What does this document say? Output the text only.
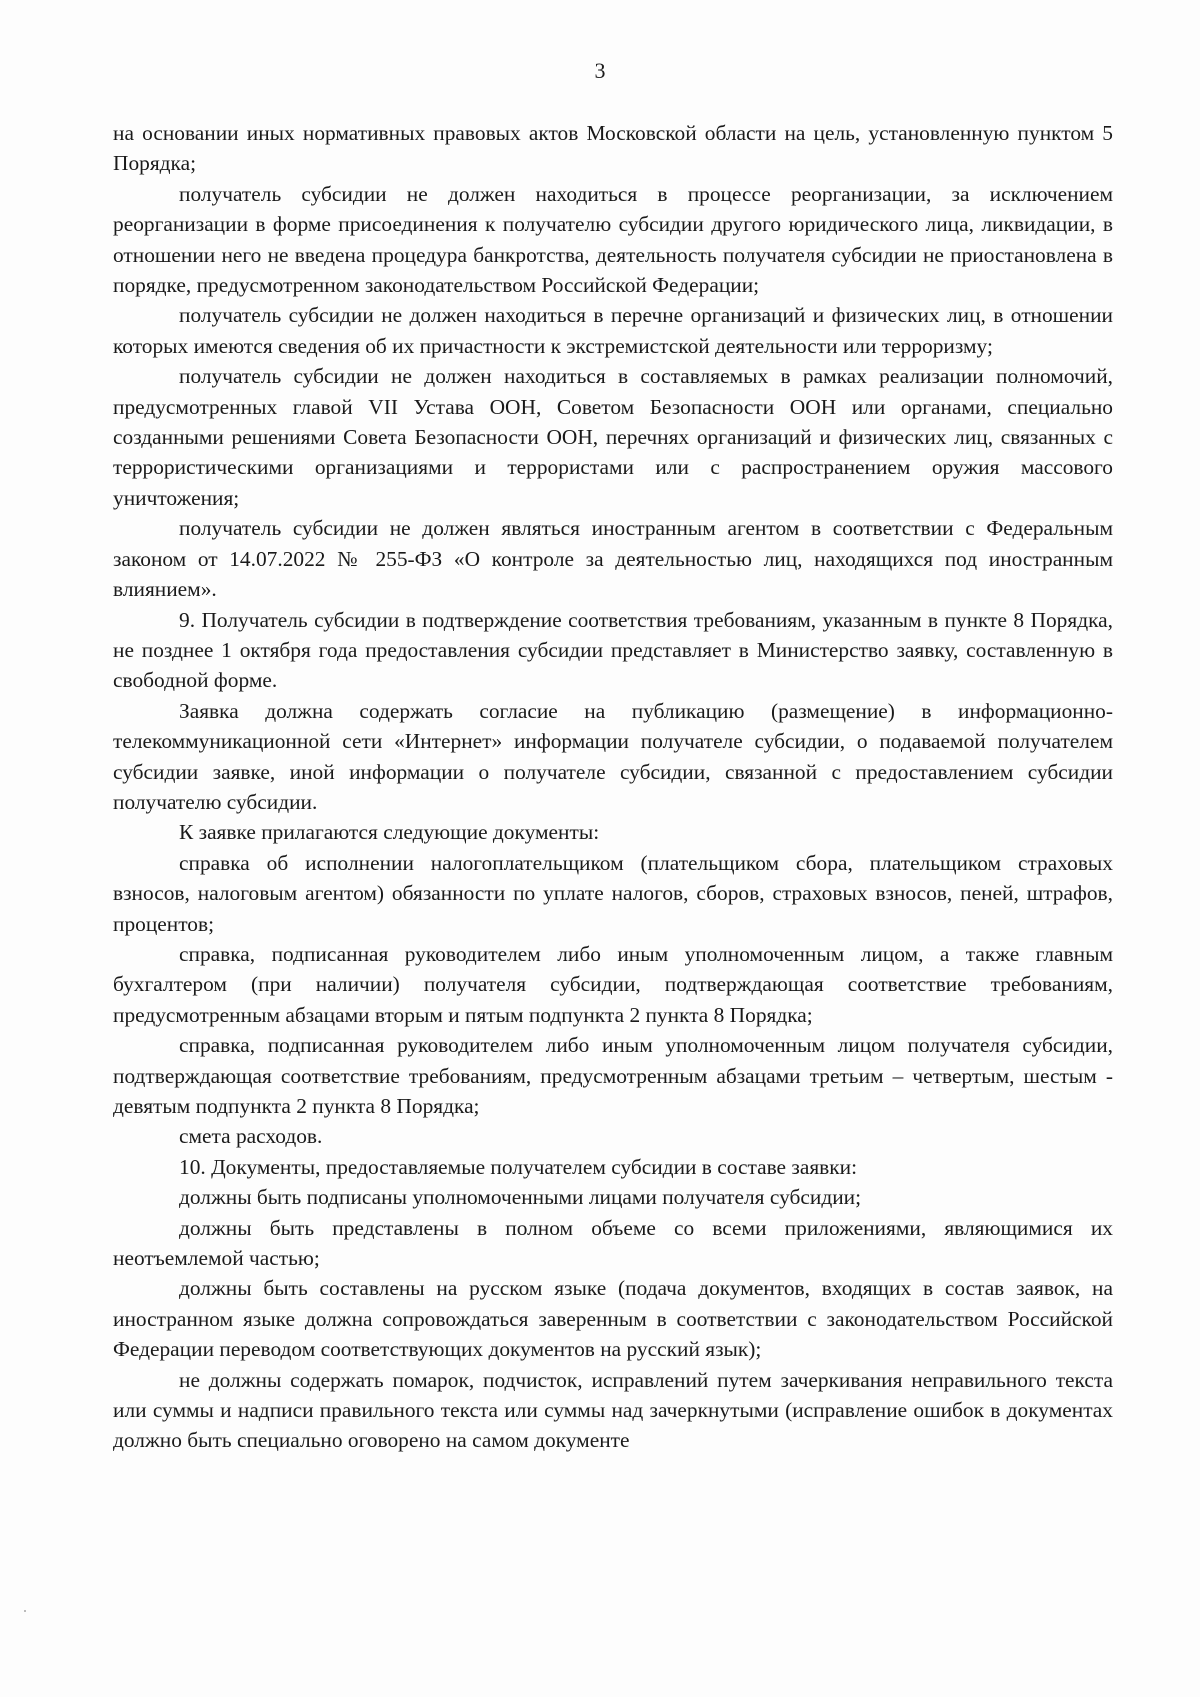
3

на основании иных нормативных правовых актов Московской области на цель, установленную пунктом 5 Порядка;

получатель субсидии не должен находиться в процессе реорганизации, за исключением реорганизации в форме присоединения к получателю субсидии другого юридического лица, ликвидации, в отношении него не введена процедура банкротства, деятельность получателя субсидии не приостановлена в порядке, предусмотренном законодательством Российской Федерации;

получатель субсидии не должен находиться в перечне организаций и физических лиц, в отношении которых имеются сведения об их причастности к экстремистской деятельности или терроризму;

получатель субсидии не должен находиться в составляемых в рамках реализации полномочий, предусмотренных главой VII Устава ООН, Советом Безопасности ООН или органами, специально созданными решениями Совета Безопасности ООН, перечнях организаций и физических лиц, связанных с террористическими организациями и террористами или с распространением оружия массового уничтожения;

получатель субсидии не должен являться иностранным агентом в соответствии с Федеральным законом от 14.07.2022 № 255-ФЗ «О контроле за деятельностью лиц, находящихся под иностранным влиянием».

9. Получатель субсидии в подтверждение соответствия требованиям, указанным в пункте 8 Порядка, не позднее 1 октября года предоставления субсидии представляет в Министерство заявку, составленную в свободной форме.

Заявка должна содержать согласие на публикацию (размещение) в информационно-телекоммуникационной сети «Интернет» информации получателе субсидии, о подаваемой получателем субсидии заявке, иной информации о получателе субсидии, связанной с предоставлением субсидии получателю субсидии.

К заявке прилагаются следующие документы:

справка об исполнении налогоплательщиком (плательщиком сбора, плательщиком страховых взносов, налоговым агентом) обязанности по уплате налогов, сборов, страховых взносов, пеней, штрафов, процентов;

справка, подписанная руководителем либо иным уполномоченным лицом, а также главным бухгалтером (при наличии) получателя субсидии, подтверждающая соответствие требованиям, предусмотренным абзацами вторым и пятым подпункта 2 пункта 8 Порядка;

справка, подписанная руководителем либо иным уполномоченным лицом получателя субсидии, подтверждающая соответствие требованиям, предусмотренным абзацами третьим – четвертым, шестым - девятым подпункта 2 пункта 8 Порядка;

смета расходов.

10. Документы, предоставляемые получателем субсидии в составе заявки:

должны быть подписаны уполномоченными лицами получателя субсидии;

должны быть представлены в полном объеме со всеми приложениями, являющимися их неотъемлемой частью;

должны быть составлены на русском языке (подача документов, входящих в состав заявок, на иностранном языке должна сопровождаться заверенным в соответствии с законодательством Российской Федерации переводом соответствующих документов на русский язык);

не должны содержать помарок, подчисток, исправлений путем зачеркивания неправильного текста или суммы и надписи правильного текста или суммы над зачеркнутыми (исправление ошибок в документах должно быть специально оговорено на самом документе
